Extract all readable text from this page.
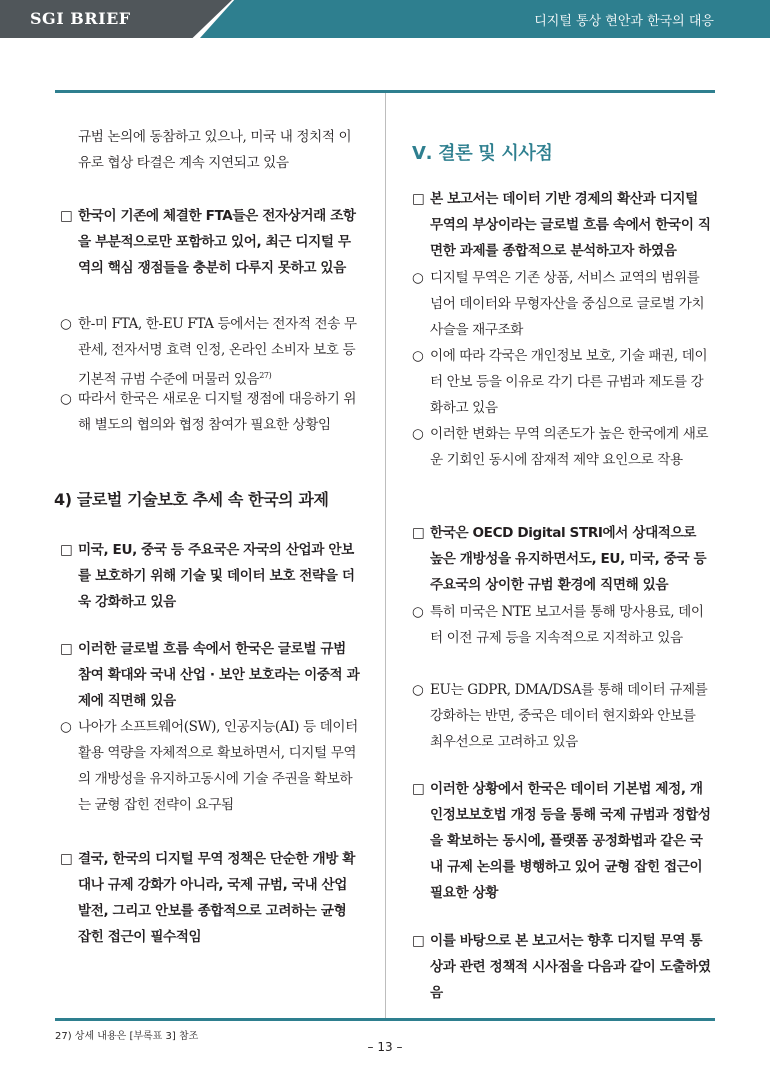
SGI BRIEF	디지털 통상 현안과 한국의 대응
규범 논의에 동참하고 있으나, 미국 내 정치적 이유로 협상 타결은 계속 지연되고 있음
□ 한국이 기존에 체결한 FTA들은 전자상거래 조항을 부분적으로만 포함하고 있어, 최근 디지털 무역의 핵심 쟁점들을 충분히 다루지 못하고 있음
○ 한-미 FTA, 한-EU FTA 등에서는 전자적 전송 무관세, 전자서명 효력 인정, 온라인 소비자 보호 등 기본적 규범 수준에 머물러 있음$^{27)}$
○ 따라서 한국은 새로운 디지털 쟁점에 대응하기 위해 별도의 협의와 협정 참여가 필요한 상황임
4) 글로벌 기술보호 추세 속 한국의 과제
□ 미국, EU, 중국 등 주요국은 자국의 산업과 안보를 보호하기 위해 기술 및 데이터 보호 전략을 더욱 강화하고 있음
□ 이러한 글로벌 흐름 속에서 한국은 글로벌 규범 참여 확대와 국내 산업 · 보안 보호라는 이중적 과제에 직면해 있음
○ 나아가 소프트웨어(SW), 인공지능(AI) 등 데이터 활용 역량을 자체적으로 확보하면서, 디지털 무역의 개방성을 유지하고동시에 기술 주권을 확보하는 균형 잡힌 전략이 요구됨
□ 결국, 한국의 디지털 무역 정책은 단순한 개방 확대나 규제 강화가 아니라, 국제 규범, 국내 산업 발전, 그리고 안보를 종합적으로 고려하는 균형 잡힌 접근이 필수적임
Ⅴ. 결론 및 시사점
□ 본 보고서는 데이터 기반 경제의 확산과 디지털 무역의 부상이라는 글로벌 흐름 속에서 한국이 직면한 과제를 종합적으로 분석하고자 하였음
○ 디지털 무역은 기존 상품, 서비스 교역의 범위를 넘어 데이터와 무형자산을 중심으로 글로벌 가치사슬을 재구조화
○ 이에 따라 각국은 개인정보 보호, 기술 패권, 데이터 안보 등을 이유로 각기 다른 규범과 제도를 강화하고 있음
○ 이러한 변화는 무역 의존도가 높은 한국에게 새로운 기회인 동시에 잠재적 제약 요인으로 작용
□ 한국은 OECD Digital STRI에서 상대적으로 높은 개방성을 유지하면서도, EU, 미국, 중국 등 주요국의 상이한 규범 환경에 직면해 있음
○ 특히 미국은 NTE 보고서를 통해 망사용료, 데이터 이전 규제 등을 지속적으로 지적하고 있음
○ EU는 GDPR, DMA/DSA를 통해 데이터 규제를 강화하는 반면, 중국은 데이터 현지화와 안보를 최우선으로 고려하고 있음
□ 이러한 상황에서 한국은 데이터 기본법 제정, 개인정보보호법 개정 등을 통해 국제 규범과 정합성을 확보하는 동시에, 플랫폼 공정화법과 같은 국내 규제 논의를 병행하고 있어 균형 잡힌 접근이 필요한 상황
□ 이를 바탕으로 본 보고서는 향후 디지털 무역 통상과 관련 정책적 시사점을 다음과 같이 도출하였음
27) 상세 내용은 [부록표 3] 참조
– 13 –
